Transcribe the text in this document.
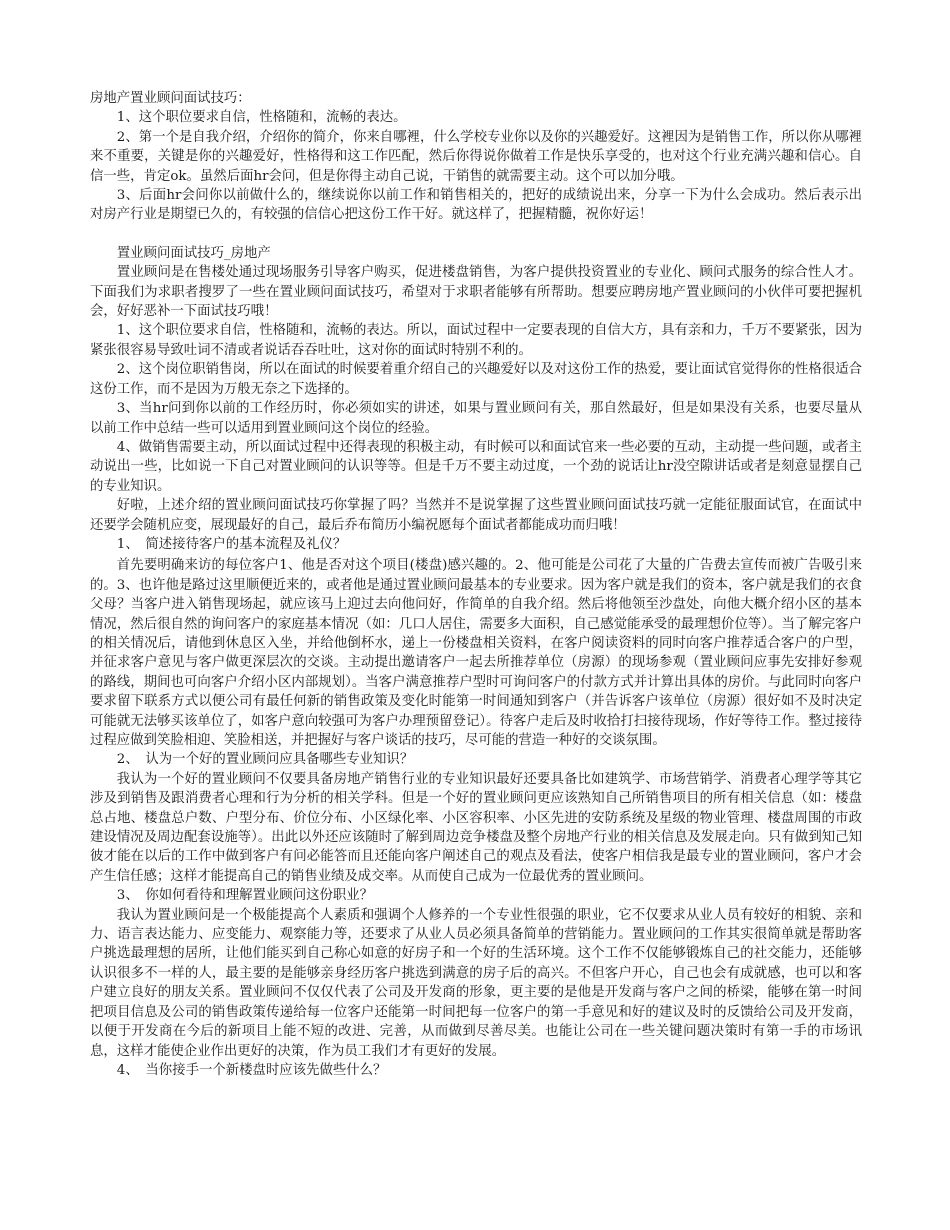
房地产置业顾问面试技巧：

1、这个职位要求自信，性格随和，流畅的表达。

2、第一个是自我介绍，介绍你的简介，你来自哪裡，什么学校专业你以及你的兴趣爱好。这裡因为是销售工作，所以你从哪裡来不重要，关键是你的兴趣爱好，性格得和这工作匹配，然后你得说你做着工作是快乐享受的，也对这个行业充满兴趣和信心。自信一些，肯定ok。虽然后面hr会问，但是你得主动自己说，干销售的就需要主动。这个可以加分哦。

3、后面hr会问你以前做什么的，继续说你以前工作和销售相关的，把好的成绩说出来，分享一下为什么会成功。然后表示出对房产行业是期望已久的，有较强的信信心把这份工作干好。就这样了，把握精髓，祝你好运！

置业顾问面试技巧_房地产

置业顾问是在售楼处通过现场服务引导客户购买，促进楼盘销售，为客户提供投资置业的专业化、顾问式服务的综合性人才。下面我们为求职者搜罗了一些在置业顾问面试技巧，希望对于求职者能够有所帮助。想要应聘房地产置业顾问的小伙伴可要把握机会，好好恶补一下面试技巧哦！

1、这个职位要求自信，性格随和，流畅的表达。所以，面试过程中一定要表现的自信大方，具有亲和力，千万不要紧张，因为紧张很容易导致吐词不清或者说话吞吞吐吐，这对你的面试时特别不利的。

2、这个岗位职销售岗，所以在面试的时候要着重介绍自己的兴趣爱好以及对这份工作的热爱，要让面试官觉得你的性格很适合这份工作，而不是因为万般无奈之下选择的。

3、当hr问到你以前的工作经历时，你必须如实的讲述，如果与置业顾问有关，那自然最好，但是如果没有关系，也要尽量从以前工作中总结一些可以适用到置业顾问这个岗位的经验。

4、做销售需要主动，所以面试过程中还得表现的积极主动，有时候可以和面试官来一些必要的互动，主动提一些问题，或者主动说出一些，比如说一下自己对置业顾问的认识等等。但是千万不要主动过度，一个劲的说话让hr没空隙讲话或者是刻意显摆自己的专业知识。

好啦，上述介绍的置业顾问面试技巧你掌握了吗？当然并不是说掌握了这些置业顾问面试技巧就一定能征服面试官，在面试中还要学会随机应变，展现最好的自己，最后乔布简历小编祝愿每个面试者都能成功而归哦！

1、　简述接待客户的基本流程及礼仪？

首先要明确来访的每位客户1、他是否对这个项目(楼盘)感兴趣的。2、他可能是公司花了大量的广告费去宣传而被广告吸引来的。3、也许他是路过这里顺便近来的，或者他是通过置业顾问最基本的专业要求。因为客户就是我们的资本，客户就是我们的衣食父母？当客户进入销售现场起，就应该马上迎过去向他问好，作简单的自我介绍。然后将他领至沙盘处，向他大概介绍小区的基本情况，然后很自然的询问客户的家庭基本情况（如：几口人居住，需要多大面积，自己感觉能承受的最理想价位等）。当了解完客户的相关情况后，请他到休息区入坐，并给他倒杯水，递上一份楼盘相关资料，在客户阅读资料的同时向客户推荐适合客户的户型，并征求客户意见与客户做更深层次的交谈。主动提出邀请客户一起去所推荐单位（房源）的现场参观（置业顾问应事先安排好参观的路线，期间也可向客户介绍小区内部规划）。当客户满意推荐户型时可询问客户的付款方式并计算出具体的房价。与此同时向客户要求留下联系方式以便公司有最任何新的销售政策及变化时能第一时间通知到客户（并告诉客户该单位（房源）很好如不及时决定可能就无法够买该单位了，如客户意向较强可为客户办理预留登记）。待客户走后及时收拾打扫接待现场，作好等待工作。整过接待过程应做到笑脸相迎、笑脸相送，并把握好与客户谈话的技巧，尽可能的营造一种好的交谈氛围。

2、　认为一个好的置业顾问应具备哪些专业知识？

我认为一个好的置业顾问不仅要具备房地产销售行业的专业知识最好还要具备比如建筑学、市场营销学、消费者心理学等其它涉及到销售及跟消费者心理和行为分析的相关学科。但是一个好的置业顾问更应该熟知自己所销售项目的所有相关信息（如：楼盘总占地、楼盘总户数、户型分布、价位分布、小区绿化率、小区容积率、小区先进的安防系统及星级的物业管理、楼盘周围的市政建设情况及周边配套设施等）。出此以外还应该随时了解到周边竞争楼盘及整个房地产行业的相关信息及发展走向。只有做到知己知彼才能在以后的工作中做到客户有问必能答而且还能向客户阐述自己的观点及看法，使客户相信我是最专业的置业顾问，客户才会产生信任感；这样才能提高自己的销售业绩及成交率。从而使自己成为一位最优秀的置业顾问。

3、　你如何看待和理解置业顾问这份职业？

我认为置业顾问是一个极能提高个人素质和强调个人修养的一个专业性很强的职业，它不仅要求从业人员有较好的相貌、亲和力、语言表达能力、应变能力、观察能力等，还要求了从业人员必须具备简单的营销能力。置业顾问的工作其实很简单就是帮助客户挑选最理想的居所，让他们能买到自己称心如意的好房子和一个好的生活环境。这个工作不仅能够锻炼自己的社交能力，还能够认识很多不一样的人，最主要的是能够亲身经历客户挑选到满意的房子后的高兴。不但客户开心，自己也会有成就感，也可以和客户建立良好的朋友关系。置业顾问不仅仅代表了公司及开发商的形象，更主要的是他是开发商与客户之间的桥梁，能够在第一时间把项目信息及公司的销售政策传递给每一位客户还能第一时间把每一位客户的第一手意见和好的建议及时的反馈给公司及开发商，以便于开发商在今后的新项目上能不短的改进、完善，从而做到尽善尽美。也能让公司在一些关键问题决策时有第一手的市场讯息，这样才能使企业作出更好的决策，作为员工我们才有更好的发展。

4、　当你接手一个新楼盘时应该先做些什么？
